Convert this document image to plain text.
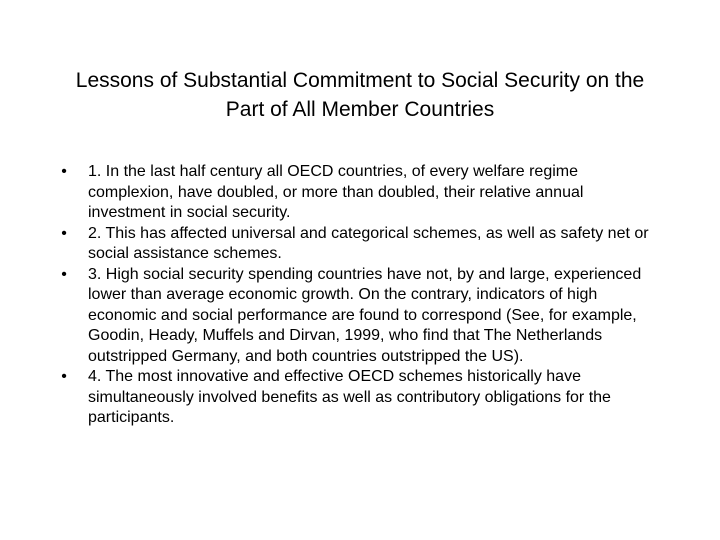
Lessons of Substantial Commitment to Social Security on the Part of All Member Countries
• 1. In the last half century all OECD countries, of every welfare regime complexion, have doubled, or more than doubled, their relative annual investment in social security.
• 2. This has affected universal and categorical schemes, as well as safety net or social assistance schemes.
• 3. High social security spending countries have not, by and large, experienced lower than average economic growth. On the contrary, indicators of high economic and social performance are found to correspond (See, for example, Goodin, Heady, Muffels and Dirvan, 1999, who find that The Netherlands outstripped Germany, and both countries outstripped the US).
• 4. The most innovative and effective OECD schemes historically have simultaneously involved benefits as well as contributory obligations for the participants.
